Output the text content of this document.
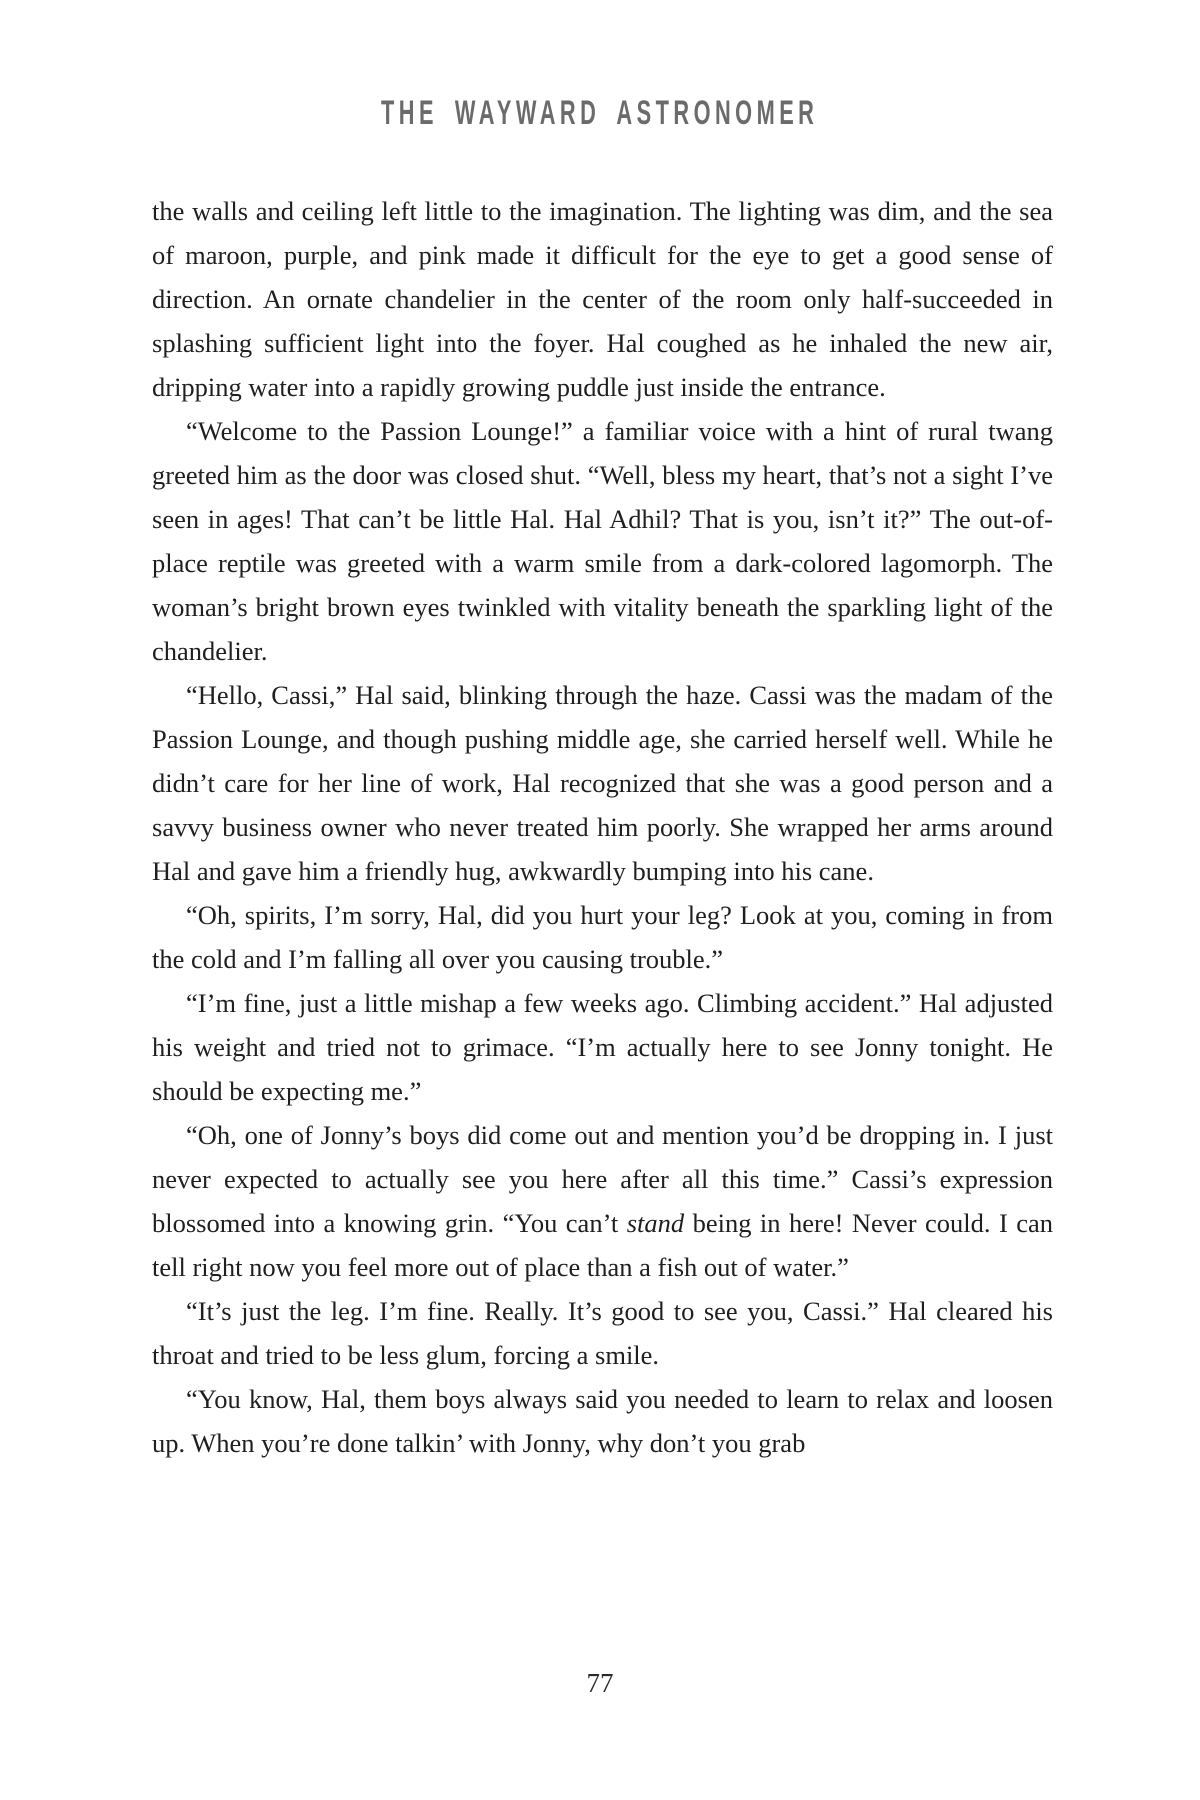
THE WAYWARD ASTRONOMER

the walls and ceiling left little to the imagination. The lighting was dim, and the sea of maroon, purple, and pink made it difficult for the eye to get a good sense of direction. An ornate chandelier in the center of the room only half-succeeded in splashing sufficient light into the foyer. Hal coughed as he inhaled the new air, dripping water into a rapidly growing puddle just inside the entrance.

“Welcome to the Passion Lounge!” a familiar voice with a hint of rural twang greeted him as the door was closed shut. “Well, bless my heart, that’s not a sight I’ve seen in ages! That can’t be little Hal. Hal Adhil? That is you, isn’t it?” The out-of-place reptile was greeted with a warm smile from a dark-colored lagomorph. The woman’s bright brown eyes twinkled with vitality beneath the sparkling light of the chandelier.

“Hello, Cassi,” Hal said, blinking through the haze. Cassi was the madam of the Passion Lounge, and though pushing middle age, she carried herself well. While he didn’t care for her line of work, Hal recognized that she was a good person and a savvy business owner who never treated him poorly. She wrapped her arms around Hal and gave him a friendly hug, awkwardly bumping into his cane.

“Oh, spirits, I’m sorry, Hal, did you hurt your leg? Look at you, coming in from the cold and I’m falling all over you causing trouble.”

“I’m fine, just a little mishap a few weeks ago. Climbing accident.” Hal adjusted his weight and tried not to grimace. “I’m actually here to see Jonny tonight. He should be expecting me.”

“Oh, one of Jonny’s boys did come out and mention you’d be dropping in. I just never expected to actually see you here after all this time.” Cassi’s expression blossomed into a knowing grin. “You can’t stand being in here! Never could. I can tell right now you feel more out of place than a fish out of water.”

“It’s just the leg. I’m fine. Really. It’s good to see you, Cassi.” Hal cleared his throat and tried to be less glum, forcing a smile.

“You know, Hal, them boys always said you needed to learn to relax and loosen up. When you’re done talkin’ with Jonny, why don’t you grab

77
